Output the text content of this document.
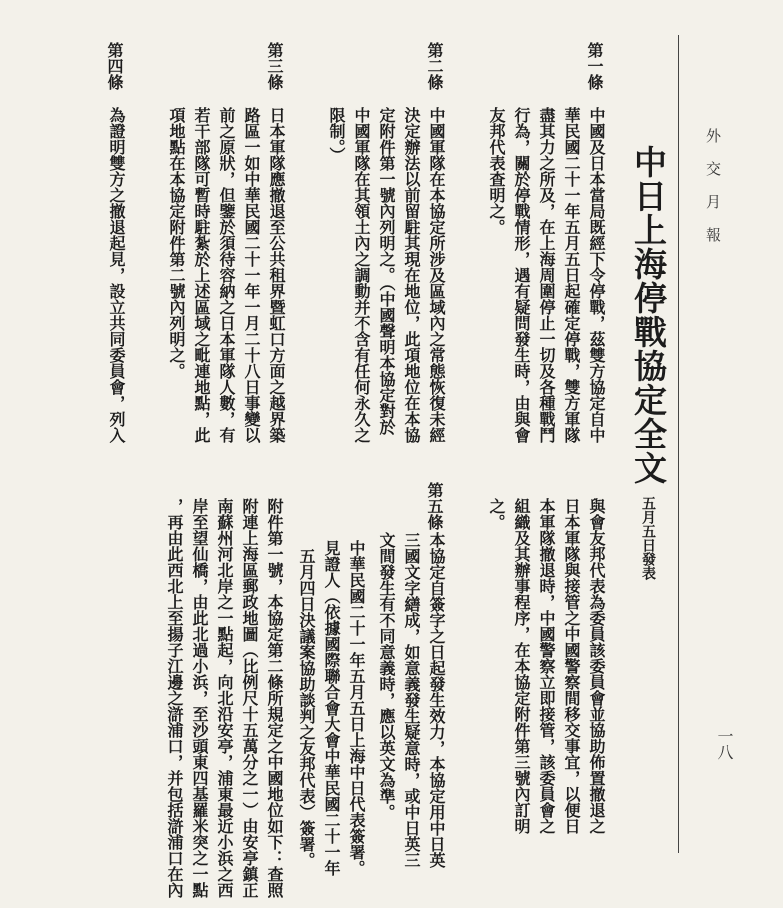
外交月報
一八
中日上海停戰協定全文
五月五日發表
第一條
中國及日本當局既經下令停戰，茲雙方協定自中
華民國二十一年五月五日起確定停戰，雙方軍隊
盡其力之所及，在上海周圍停止一切及各種戰鬥
行為，關於停戰情形，遇有疑問發生時，由與會
友邦代表查明之。
第二條
中國軍隊在本協定所涉及區域內之常態恢復未經
決定辦法以前留駐其現在地位，此項地位在本協
定附件第一號內列明之。（中國聲明本協定對於
中國軍隊在其領土內之調動并不含有任何永久之
限制。）
第三條
日本軍隊應撤退至公共租界暨虹口方面之越界築
路區一如中華民國二十一年一月二十八日事變以
前之原狀，但鑒於須待容納之日本軍隊人數，有
若干部隊可暫時駐紮於上述區域之毗連地點，此
項地點在本協定附件第二號內列明之。
第四條
為證明雙方之撤退起見，設立共同委員會，列入
與會友邦代表為委員該委員會並協助佈置撤退之
日本軍隊與接管之中國警察間移交事宜，以便日
本軍隊撤退時，中國警察立即接管，該委員會之
組織及其辦事程序，在本協定附件第三號內訂明
之。
第五條
本協定自簽字之日起發生效力，本協定用中日英
三國文字繕成，如意義發生疑意時，或中日英三
文間發生有不同意義時，應以英文為準。
中華民國二十一年五月五日上海中日代表簽署。
見證人（依據國際聯合會大會中華民國二十一年
五月四日決議案協助談判之友邦代表）簽署。
附件第一號，本協定第二條所規定之中國地位如下：查照
附連上海區郵政地圖（比例尺十五萬分之一）由安亭鎮正
南蘇州河北岸之一點起，向北沿安亭，浦東最近小浜之西
岸至望仙橋，由此北過小浜，至沙頭東四基羅米突之一點
，再由此西北上至揚子江邊之滸浦口，并包括滸浦口在內
